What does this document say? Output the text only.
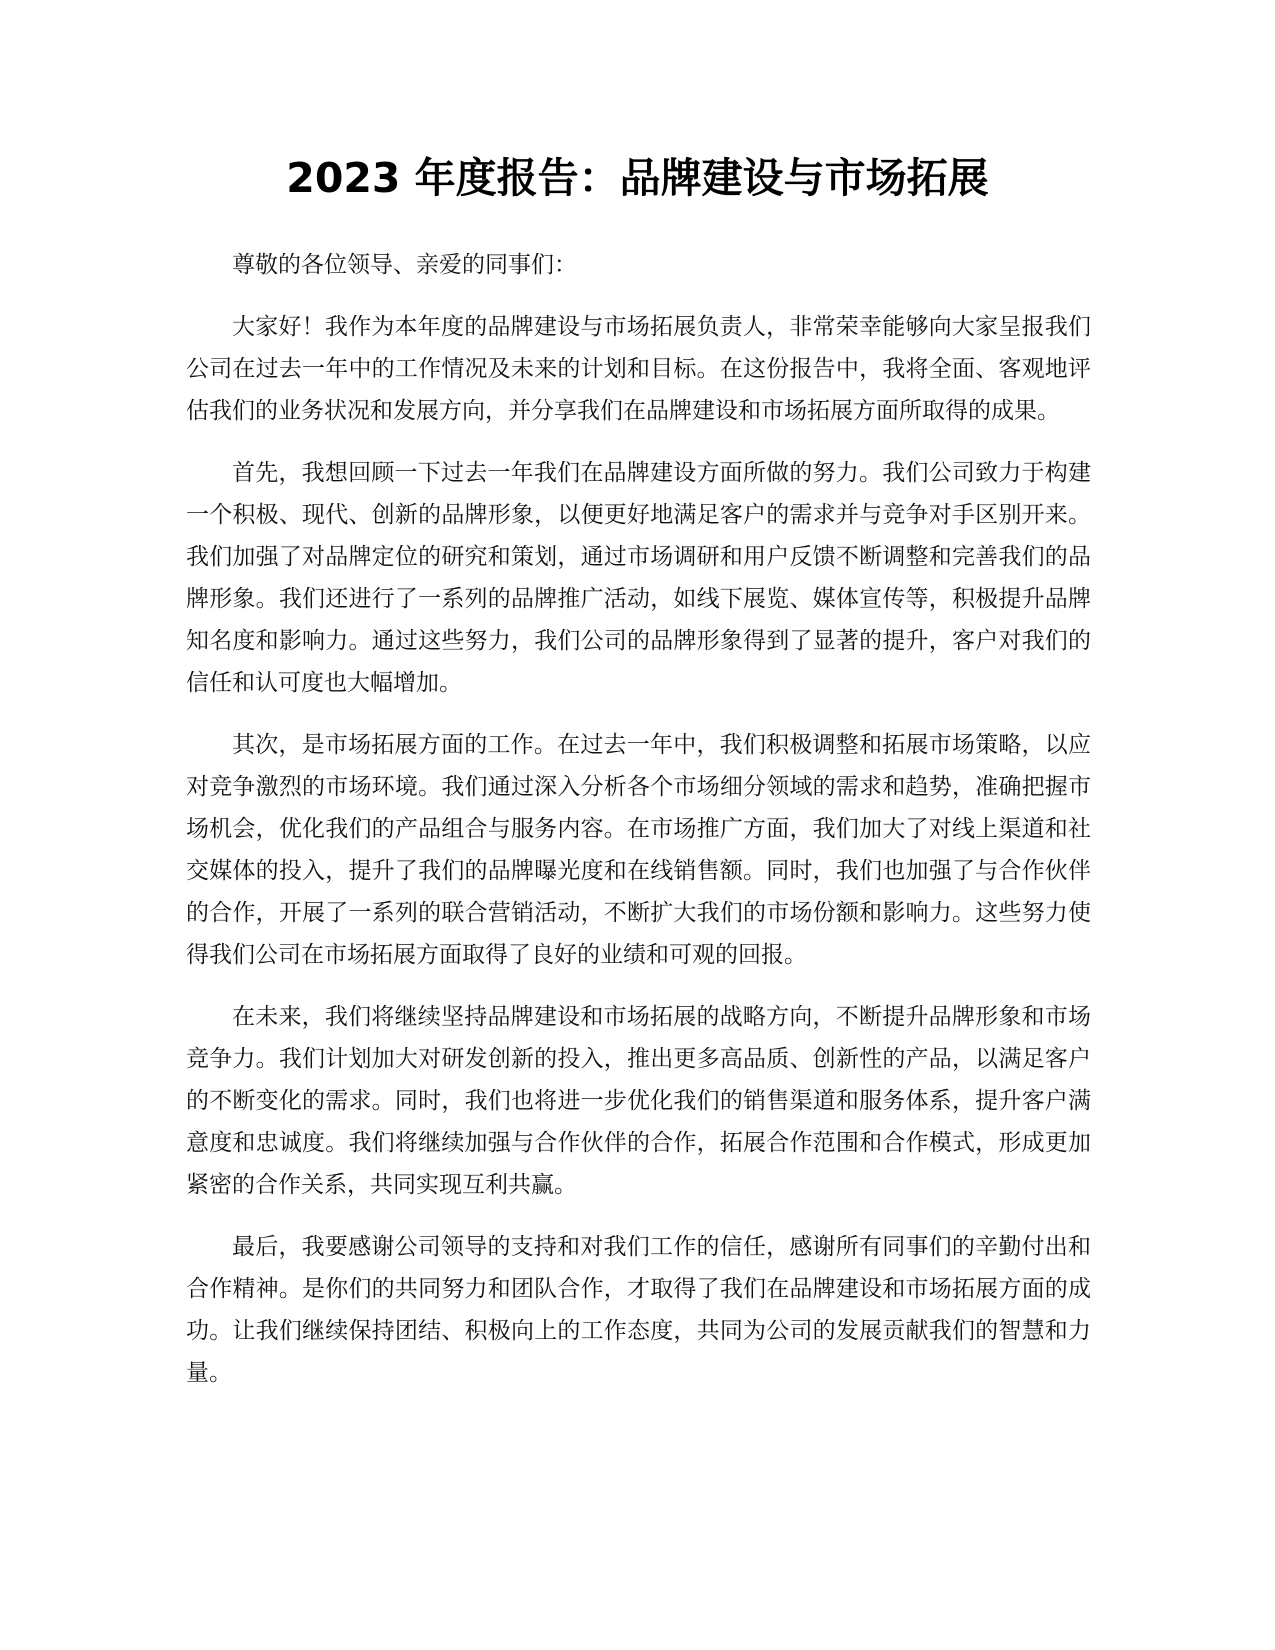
2023 年度报告：品牌建设与市场拓展

尊敬的各位领导、亲爱的同事们：

大家好！我作为本年度的品牌建设与市场拓展负责人，非常荣幸能够向大家呈报我们公司在过去一年中的工作情况及未来的计划和目标。在这份报告中，我将全面、客观地评估我们的业务状况和发展方向，并分享我们在品牌建设和市场拓展方面所取得的成果。

首先，我想回顾一下过去一年我们在品牌建设方面所做的努力。我们公司致力于构建一个积极、现代、创新的品牌形象，以便更好地满足客户的需求并与竞争对手区别开来。我们加强了对品牌定位的研究和策划，通过市场调研和用户反馈不断调整和完善我们的品牌形象。我们还进行了一系列的品牌推广活动，如线下展览、媒体宣传等，积极提升品牌知名度和影响力。通过这些努力，我们公司的品牌形象得到了显著的提升，客户对我们的信任和认可度也大幅增加。

其次，是市场拓展方面的工作。在过去一年中，我们积极调整和拓展市场策略，以应对竞争激烈的市场环境。我们通过深入分析各个市场细分领域的需求和趋势，准确把握市场机会，优化我们的产品组合与服务内容。在市场推广方面，我们加大了对线上渠道和社交媒体的投入，提升了我们的品牌曝光度和在线销售额。同时，我们也加强了与合作伙伴的合作，开展了一系列的联合营销活动，不断扩大我们的市场份额和影响力。这些努力使得我们公司在市场拓展方面取得了良好的业绩和可观的回报。

在未来，我们将继续坚持品牌建设和市场拓展的战略方向，不断提升品牌形象和市场竞争力。我们计划加大对研发创新的投入，推出更多高品质、创新性的产品，以满足客户的不断变化的需求。同时，我们也将进一步优化我们的销售渠道和服务体系，提升客户满意度和忠诚度。我们将继续加强与合作伙伴的合作，拓展合作范围和合作模式，形成更加紧密的合作关系，共同实现互利共赢。

最后，我要感谢公司领导的支持和对我们工作的信任，感谢所有同事们的辛勤付出和合作精神。是你们的共同努力和团队合作，才取得了我们在品牌建设和市场拓展方面的成功。让我们继续保持团结、积极向上的工作态度，共同为公司的发展贡献我们的智慧和力量。
